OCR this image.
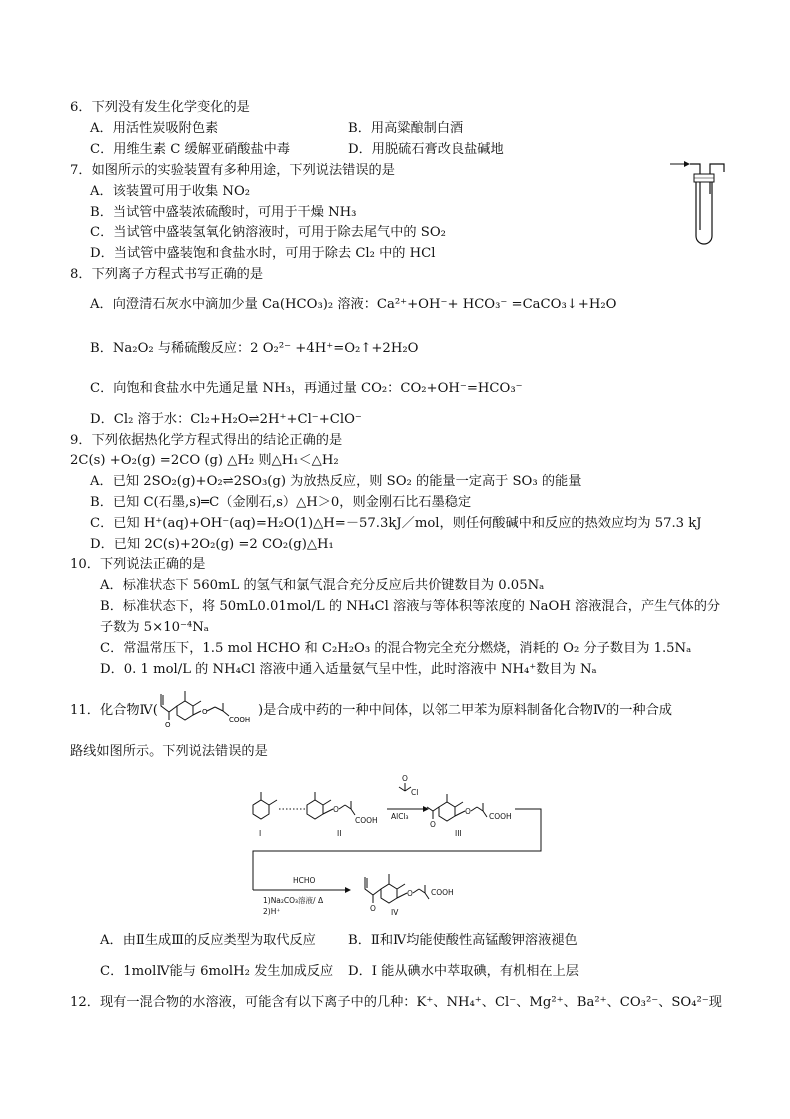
6．下列没有发生化学变化的是
A．用活性炭吸附色素	B．用高粱酿制白酒
C．用维生素 C 缓解亚硝酸盐中毒	D．用脱硫石膏改良盐碱地
7．如图所示的实验装置有多种用途，下列说法错误的是
A．该装置可用于收集 NO₂
B．当试管中盛装浓硫酸时，可用于干燥 NH₃
C．当试管中盛装氢氧化钠溶液时，可用于除去尾气中的 SO₂
D．当试管中盛装饱和食盐水时，可用于除去 Cl₂ 中的 HCl
8．下列离子方程式书写正确的是
A．向澄清石灰水中滴加少量 Ca(HCO₃)₂ 溶液：Ca²⁺+OH⁻+ HCO₃⁻ =CaCO₃↓+H₂O
B．Na₂O₂ 与稀硫酸反应：2 O₂²⁻ +4H⁺=O₂↑+2H₂O
C．向饱和食盐水中先通足量 NH₃，再通过量 CO₂：CO₂+OH⁻=HCO₃⁻
D．Cl₂ 溶于水：Cl₂+H₂O⇌2H⁺+Cl⁻+ClO⁻
9．下列依据热化学方程式得出的结论正确的是
2C(s) +O₂(g) =2CO (g) △H₂ 则△H₁＜△H₂
A．已知 2SO₂(g)+O₂⇌2SO₃(g) 为放热反应，则 SO₂ 的能量一定高于 SO₃ 的能量
B．已知 C(石墨,s)═C（金刚石,s）△H＞0，则金刚石比石墨稳定
C．已知 H⁺(aq)+OH⁻(aq)=H₂O(1)△H=－57.3kJ／mol，则任何酸碱中和反应的热效应均为 57.3 kJ
D．已知 2C(s)+2O₂(g) =2 CO₂(g)△H₁
10．下列说法正确的是
A．标准状态下 560mL 的氢气和氯气混合充分反应后共价键数目为 0.05Nₐ
B．标准状态下，将 50mL0.01mol/L 的 NH₄Cl 溶液与等体积等浓度的 NaOH 溶液混合，产生气体的分
子数为 5×10⁻⁴Nₐ
C．常温常压下，1.5 mol HCHO 和 C₂H₂O₃ 的混合物完全充分燃烧，消耗的 O₂ 分子数目为 1.5Nₐ
D．0. 1 mol/L 的 NH₄Cl 溶液中通入适量氨气呈中性，此时溶液中 NH₄⁺数目为 Nₐ
11．化合物Ⅳ(
O
O
COOH
)是合成中药的一种中间体，以邻二甲苯为原料制备化合物Ⅳ的一种合成
路线如图所示。下列说法错误的是
I	II	III
IV
O
COOH AlCl₃
O
Cl
O
O
COOH
HCHO
1)Na₂CO₃溶液/ Δ
2)H⁺	O
O COOH
A．由Ⅱ生成Ⅲ的反应类型为取代反应 B．Ⅱ和Ⅳ均能使酸性高锰酸钾溶液褪色
C．1molⅣ能与 6molH₂ 发生加成反应 D．I 能从碘水中萃取碘，有机相在上层
12．现有一混合物的水溶液，可能含有以下离子中的几种：K⁺、NH₄⁺、Cl⁻、Mg²⁺、Ba²⁺、CO₃²⁻、SO₄²⁻现
